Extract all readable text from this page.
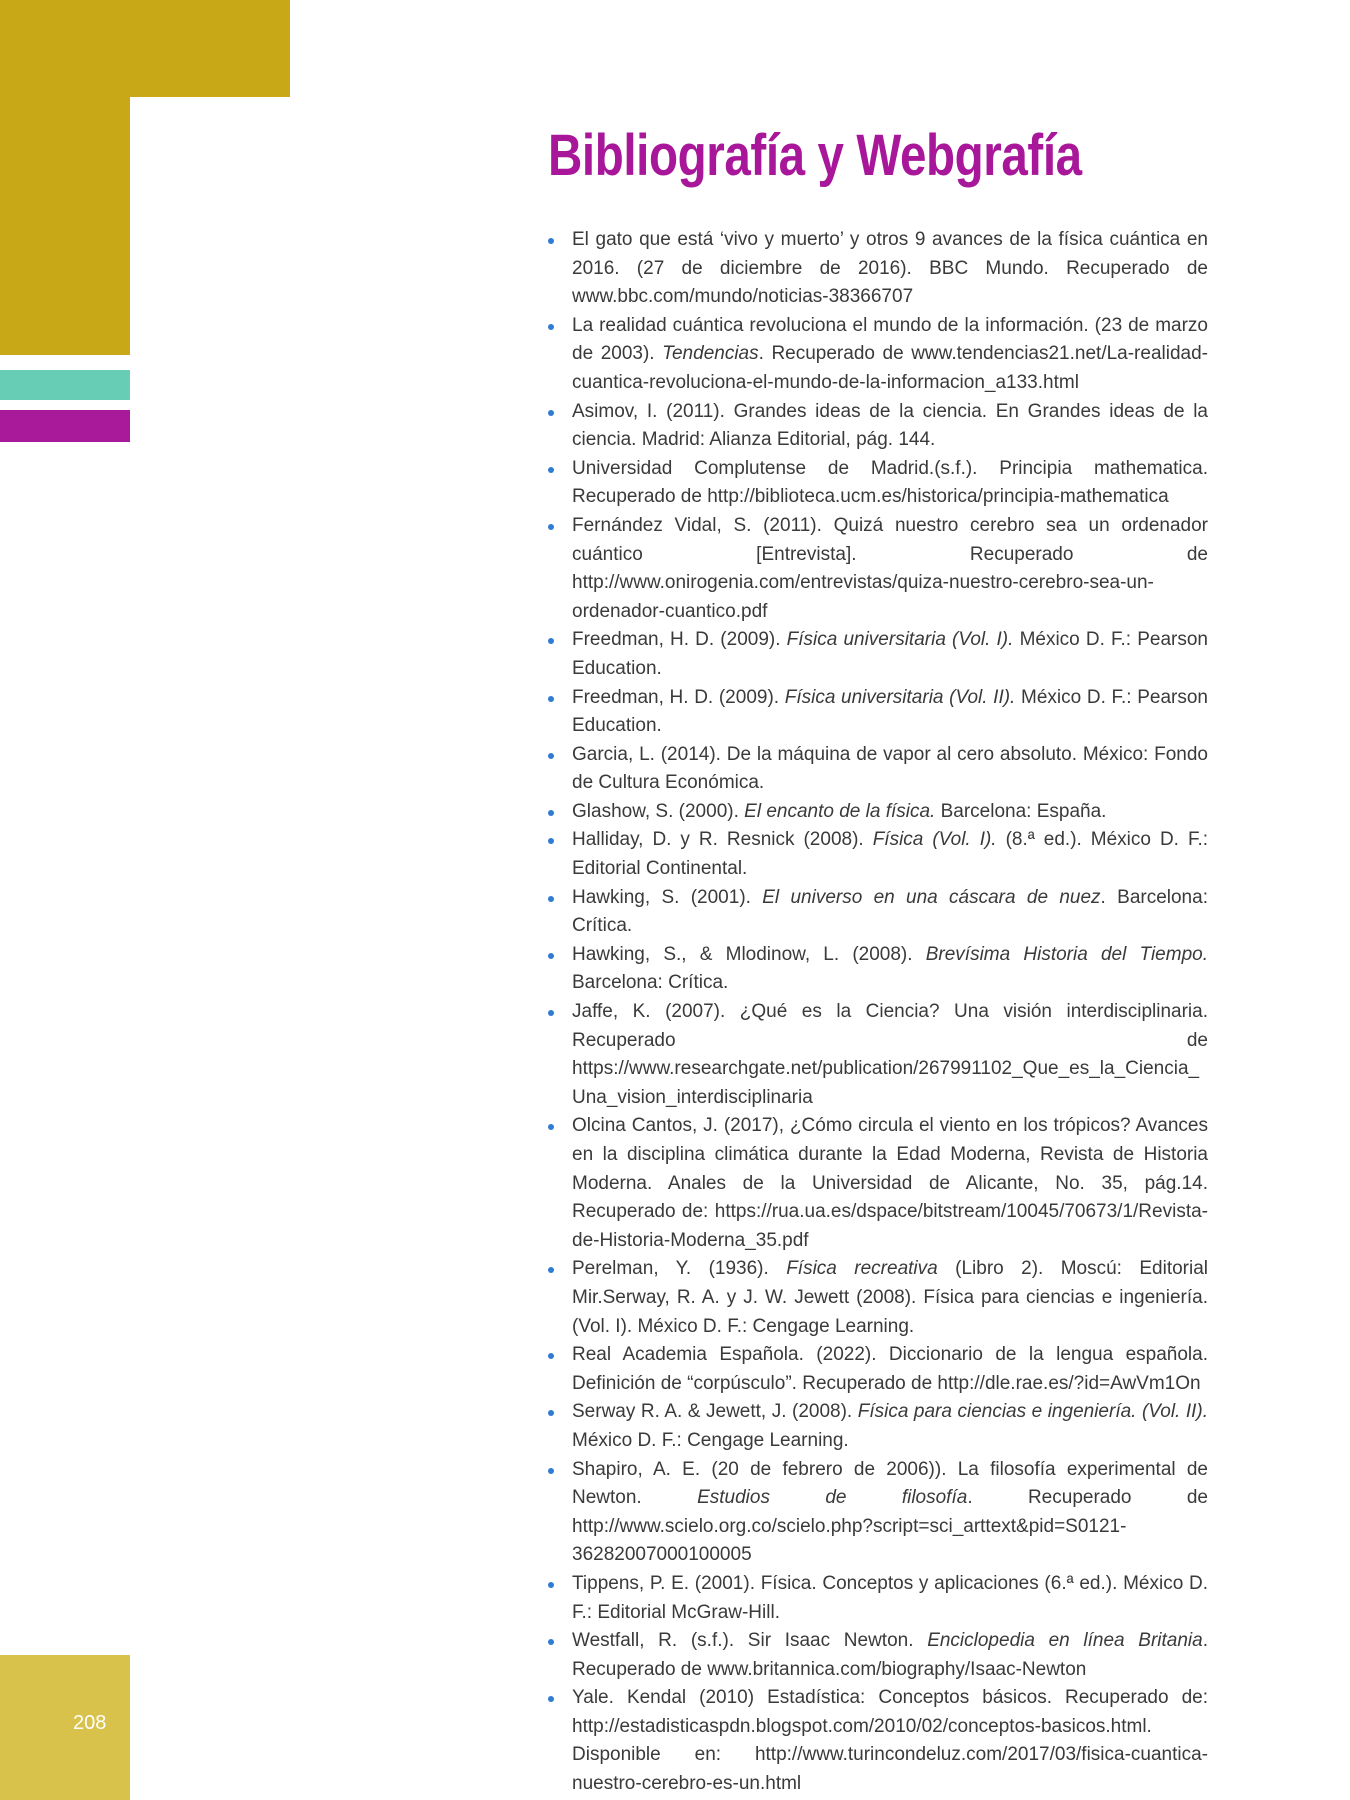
208
Bibliografía y Webgrafía
El gato que está ‘vivo y muerto’ y otros 9 avances de la física cuántica en 2016. (27 de diciembre de 2016). BBC Mundo. Recuperado de www.bbc.com/mundo/noticias-38366707
La realidad cuántica revoluciona el mundo de la información. (23 de marzo de 2003). Tendencias. Recuperado de www.tendencias21.net/La-realidad-cuantica-revoluciona-el-mundo-de-la-informacion_a133.html
Asimov, I. (2011). Grandes ideas de la ciencia. En Grandes ideas de la ciencia. Madrid: Alianza Editorial, pág. 144.
Universidad Complutense de Madrid.(s.f.). Principia mathematica. Recuperado de http://biblioteca.ucm.es/historica/principia-mathematica
Fernández Vidal, S. (2011). Quizá nuestro cerebro sea un ordenador cuántico [Entrevista]. Recuperado de http://www.onirogenia.com/entrevistas/quiza-nuestro-cerebro-sea-un-ordenador-cuantico.pdf
Freedman, H. D. (2009). Física universitaria (Vol. I). México D. F.: Pearson Education.
Freedman, H. D. (2009). Física universitaria (Vol. II). México D. F.: Pearson Education.
Garcia, L. (2014). De la máquina de vapor al cero absoluto. México: Fondo de Cultura Económica.
Glashow, S. (2000). El encanto de la física. Barcelona: España.
Halliday, D. y R. Resnick (2008). Física (Vol. I). (8.ª ed.). México D. F.: Editorial Continental.
Hawking, S. (2001). El universo en una cáscara de nuez. Barcelona: Crítica.
Hawking, S., & Mlodinow, L. (2008). Brevísima Historia del Tiempo. Barcelona: Crítica.
Jaffe, K. (2007). ¿Qué es la Ciencia? Una visión interdisciplinaria. Recuperado de https://www.researchgate.net/publication/267991102_Que_es_la_Ciencia_Una_vision_interdisciplinaria
Olcina Cantos, J. (2017), ¿Cómo circula el viento en los trópicos? Avances en la disciplina climática durante la Edad Moderna, Revista de Historia Moderna. Anales de la Universidad de Alicante, No. 35, pág.14. Recuperado de: https://rua.ua.es/dspace/bitstream/10045/70673/1/Revista-de-Historia-Moderna_35.pdf
Perelman, Y. (1936). Física recreativa (Libro 2). Moscú: Editorial Mir.Serway, R. A. y J. W. Jewett (2008). Física para ciencias e ingeniería. (Vol. I). México D. F.: Cengage Learning.
Real Academia Española. (2022). Diccionario de la lengua española. Definición de “corpúsculo”. Recuperado de http://dle.rae.es/?id=AwVm1On
Serway R. A. & Jewett, J. (2008). Física para ciencias e ingeniería. (Vol. II). México D. F.: Cengage Learning.
Shapiro, A. E. (20 de febrero de 2006)). La filosofía experimental de Newton. Estudios de filosofía. Recuperado de http://www.scielo.org.co/scielo.php?script=sci_arttext&pid=S0121-36282007000100005
Tippens, P. E. (2001). Física. Conceptos y aplicaciones (6.ª ed.). México D. F.: Editorial McGraw-Hill.
Westfall, R. (s.f.). Sir Isaac Newton. Enciclopedia en línea Britania. Recuperado de www.britannica.com/biography/Isaac-Newton
Yale. Kendal (2010) Estadística: Conceptos básicos. Recuperado de: http://estadisticaspdn.blogspot.com/2010/02/conceptos-basicos.html. Disponible en: http://www.turincondeluz.com/2017/03/fisica-cuantica-nuestro-cerebro-es-un.html
